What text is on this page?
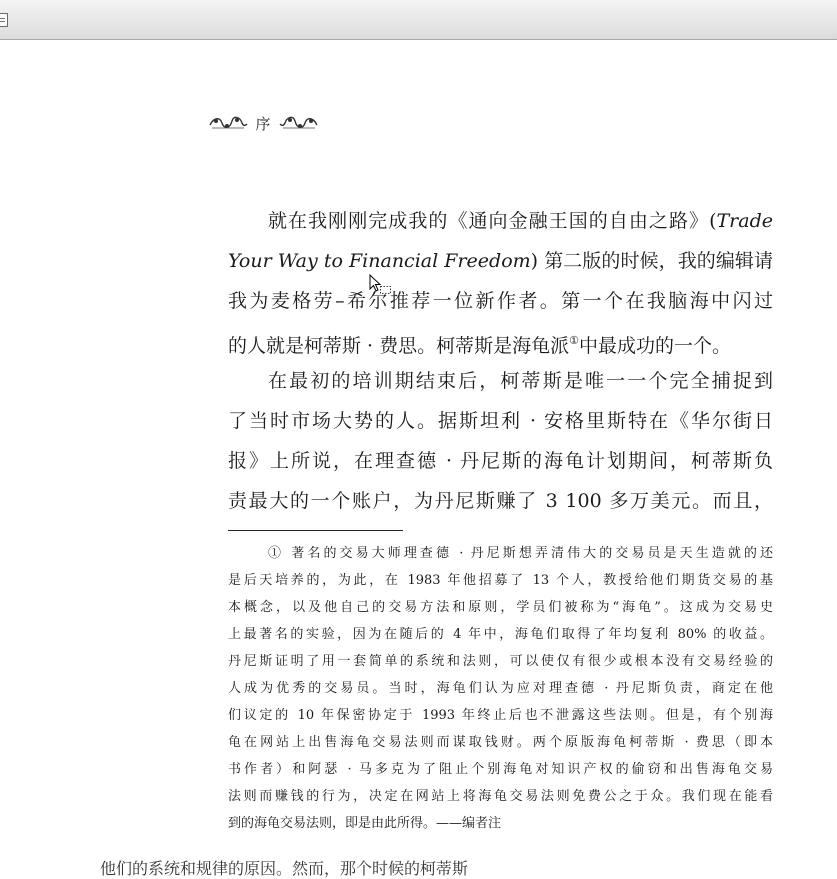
序
就在我刚刚完成我的《通向金融王国的自由之路》(Trade
Your Way to Financial Freedom) 第二版的时候，我的编辑请
我为麦格劳–希尔推荐一位新作者。第一个在我脑海中闪过
的人就是柯蒂斯 · 费思。柯蒂斯是海龟派①中最成功的一个。
在最初的培训期结束后，柯蒂斯是唯一一个完全捕捉到
了当时市场大势的人。据斯坦利 · 安格里斯特在《华尔街日
报》上所说，在理查德 · 丹尼斯的海龟计划期间，柯蒂斯负
责最大的一个账户，为丹尼斯赚了 3 100 多万美元。而且，
① 著名的交易大师理查德 · 丹尼斯想弄清伟大的交易员是天生造就的还
是后天培养的，为此，在 1983 年他招募了 13 个人，教授给他们期货交易的基
本概念，以及他自己的交易方法和原则，学员们被称为“海龟”。这成为交易史
上最著名的实验，因为在随后的 4 年中，海龟们取得了年均复利 80% 的收益。
丹尼斯证明了用一套简单的系统和法则，可以使仅有很少或根本没有交易经验的
人成为优秀的交易员。当时，海龟们认为应对理查德 · 丹尼斯负责，商定在他
们议定的 10 年保密协定于 1993 年终止后也不泄露这些法则。但是，有个别海
龟在网站上出售海龟交易法则而谋取钱财。两个原版海龟柯蒂斯 · 费思（即本
书作者）和阿瑟 · 马多克为了阻止个别海龟对知识产权的偷窃和出售海龟交易
法则而赚钱的行为，决定在网站上将海龟交易法则免费公之于众。我们现在能看
到的海龟交易法则，即是由此所得。——编者注
他们的系统和规律的原因。然而，那个时候的柯蒂斯
